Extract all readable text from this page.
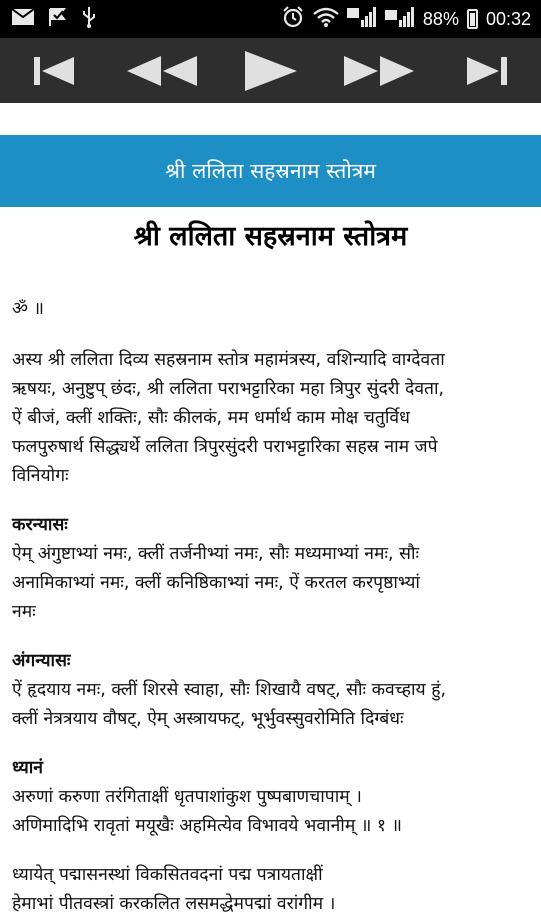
88% 00:32
श्री ललिता सहस्रनाम स्तोत्रम
श्री ललिता सहस्रनाम स्तोत्रम
ॐ ॥
अस्य श्री ललिता दिव्य सहस्रनाम स्तोत्र महामंत्रस्य, वशिन्यादि वाग्देवता
ऋषयः, अनुष्टुप् छंदः, श्री ललिता पराभट्टारिका महा त्रिपुर सुंदरी देवता,
ऐं बीजं, क्लीं शक्तिः, सौः कीलकं, मम धर्मार्थ काम मोक्ष चतुर्विध
फलपुरुषार्थ सिद्ध्यर्थे ललिता त्रिपुरसुंदरी पराभट्टारिका सहस्र नाम जपे
विनियोगः
करन्यासः
ऐम् अंगुष्टाभ्यां नमः, क्लीं तर्जनीभ्यां नमः, सौः मध्यमाभ्यां नमः, सौः
अनामिकाभ्यां नमः, क्लीं कनिष्ठिकाभ्यां नमः, ऐं करतल करपृष्ठाभ्यां
नमः
अंगन्यासः
ऐं हृदयाय नमः, क्लीं शिरसे स्वाहा, सौः शिखायै वषट्, सौः कवच्हाय हुं,
क्लीं नेत्रत्रयाय वौषट्, ऐम् अस्त्रायफट्, भूर्भुवस्सुवरोमिति दिग्बंधः
ध्यानं
अरुणां करुणा तरंगिताक्षीं धृतपाशांकुश पुष्पबाणचापाम् ।
अणिमादिभि रावृतां मयूखैः अहमित्येव विभावये भवानीम् ॥ १ ॥
ध्यायेत् पद्मासनस्थां विकसितवदनां पद्म पत्रायताक्षीं
हेमाभां पीतवस्त्रां करकलित लसमद्धेमपद्मां वरांगीम ।
